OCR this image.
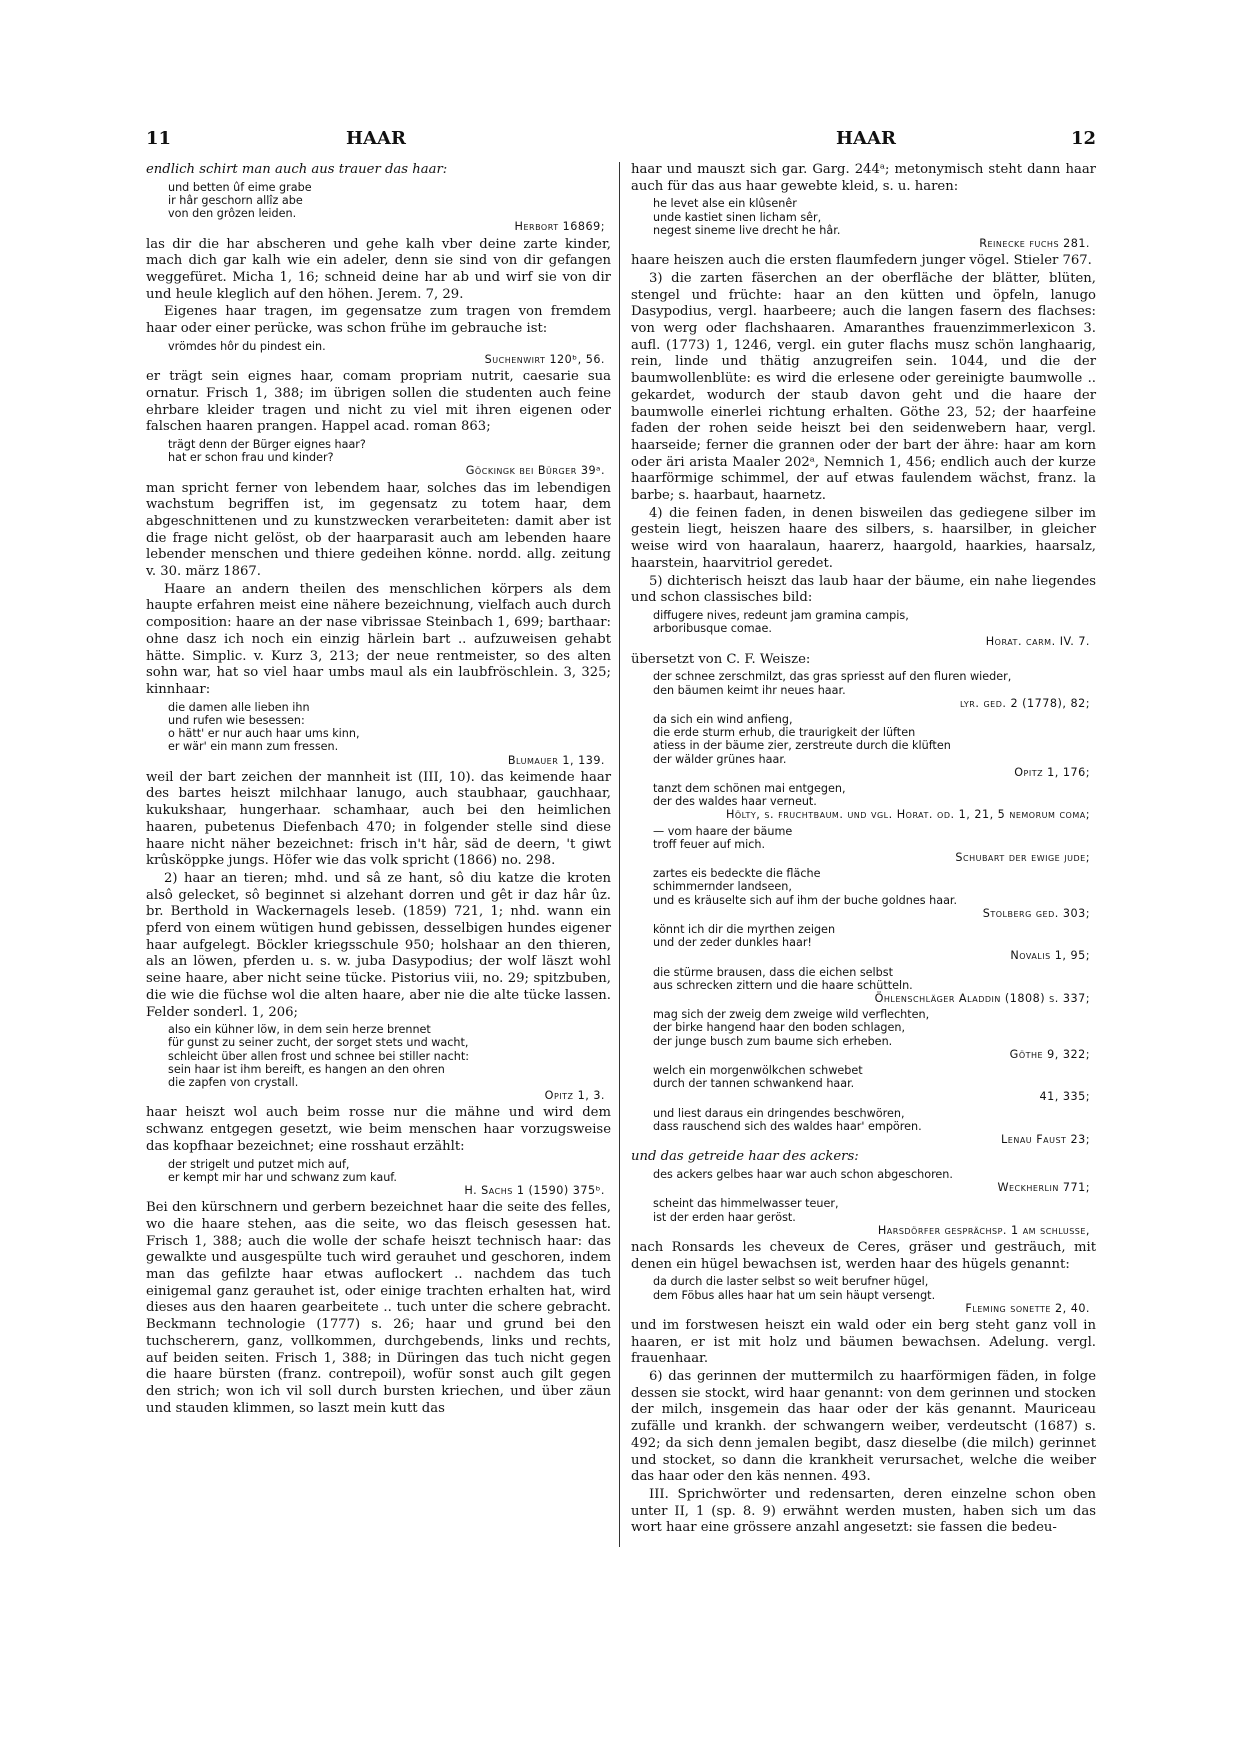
11	HAAR	HAAR	12

endlich schirt man auch aus trauer das haar:

und betten ûf eime grabe
ir hâr geschorn allîz abe
von den grôzen leiden.
Herbort 16869;

las dir die har abscheren und gehe kalh vber deine zarte kinder, mach dich gar kalh wie ein adeler, denn sie sind von dir gefangen weggefüret. Micha 1, 16; schneid deine har ab und wirf sie von dir und heule kleglich auf den höhen. Jerem. 7, 29.

Eigenes haar tragen, im gegensatze zum tragen von fremdem haar oder einer perücke, was schon frühe im gebrauche ist:

vrömdes hôr du pindest ein.
Suchenwirt 120ᵇ, 56.

er trägt sein eignes haar, comam propriam nutrit, caesarie sua ornatur. Frisch 1, 388; im übrigen sollen die studenten auch feine ehrbare kleider tragen und nicht zu viel mit ihren eigenen oder falschen haaren prangen. Happel acad. roman 863;

trägt denn der Bürger eignes haar?
hat er schon frau und kinder?
Göckingk bei Bürger 39ᵃ.

man spricht ferner von lebendem haar, solches das im lebendigen wachstum begriffen ist, im gegensatz zu totem haar, dem abgeschnittenen und zu kunstzwecken verarbeiteten: damit aber ist die frage nicht gelöst, ob der haarparasit auch am lebenden haare lebender menschen und thiere gedeihen könne. nordd. allg. zeitung v. 30. märz 1867.

Haare an andern theilen des menschlichen körpers als dem haupte erfahren meist eine nähere bezeichnung, vielfach auch durch composition: haare an der nase vibrissae Steinbach 1, 699; barthaar: ohne dasz ich noch ein einzig härlein bart .. aufzuweisen gehabt hätte. Simplic. v. Kurz 3, 213; der neue rentmeister, so des alten sohn war, hat so viel haar umbs maul als ein laubfröschlein. 3, 325; kinnhaar:

die damen alle lieben ihn
und rufen wie besessen:
o hätt' er nur auch haar ums kinn,
er wär' ein mann zum fressen.
Blumauer 1, 139.

weil der bart zeichen der mannheit ist (III, 10). das keimende haar des bartes heiszt milchhaar lanugo, auch staubhaar, gauchhaar, kukukshaar, hungerhaar. schamhaar, auch bei den heimlichen haaren, pubetenus Diefenbach 470; in folgender stelle sind diese haare nicht näher bezeichnet: frisch in't hâr, säd de deern, 't giwt krûsköppke jungs. Höfer wie das volk spricht (1866) no. 298.

2) haar an tieren; mhd. und sâ ze hant, sô diu katze die kroten alsô gelecket, sô beginnet si alzehant dorren und gêt ir daz hâr ûz. br. Berthold in Wackernagels leseb. (1859) 721, 1; nhd. wann ein pferd von einem wütigen hund gebissen, desselbigen hundes eigener haar aufgelegt. Böckler kriegsschule 950; holshaar an den thieren, als an löwen, pferden u. s. w. juba Dasypodius; der wolf läszt wohl seine haare, aber nicht seine tücke. Pistorius viii, no. 29; spitzbuben, die wie die füchse wol die alten haare, aber nie die alte tücke lassen. Felder sonderl. 1, 206;

also ein kühner löw, in dem sein herze brennet
für gunst zu seiner zucht, der sorget stets und wacht,
schleicht über allen frost und schnee bei stiller nacht:
sein haar ist ihm bereift, es hangen an den ohren
die zapfen von crystall.
Opitz 1, 3.

haar heiszt wol auch beim rosse nur die mähne und wird dem schwanz entgegen gesetzt, wie beim menschen haar vorzugsweise das kopfhaar bezeichnet; eine rosshaut erzählt:

der strigelt und putzet mich auf,
er kempt mir har und schwanz zum kauf.
H. Sachs 1 (1590) 375ᵇ.

Bei den kürschnern und gerbern bezeichnet haar die seite des felles, wo die haare stehen, aas die seite, wo das fleisch gesessen hat. Frisch 1, 388; auch die wolle der schafe heiszt technisch haar: das gewalkte und ausgespülte tuch wird gerauhet und geschoren, indem man das gefilzte haar etwas auflockert .. nachdem das tuch einigemal ganz gerauhet ist, oder einige trachten erhalten hat, wird dieses aus den haaren gearbeitete .. tuch unter die schere gebracht. Beckmann technologie (1777) s. 26; haar und grund bei den tuchscherern, ganz, vollkommen, durchgebends, links und rechts, auf beiden seiten. Frisch 1, 388; in Düringen das tuch nicht gegen die haare bürsten (franz. contrepoil), wofür sonst auch gilt gegen den strich; won ich vil soll durch bursten kriechen, und über zäun und stauden klimmen, so laszt mein kutt das

haar und mauszt sich gar. Garg. 244ᵃ; metonymisch steht dann haar auch für das aus haar gewebte kleid, s. u. haren:

he levet alse ein klûsenêr
unde kastiet sinen licham sêr,
negest sineme live drecht he hâr.
Reinecke fuchs 281.

haare heiszen auch die ersten flaumfedern junger vögel. Stieler 767.

3) die zarten fäserchen an der oberfläche der blätter, blüten, stengel und früchte: haar an den kütten und öpfeln, lanugo Dasypodius, vergl. haarbeere; auch die langen fasern des flachses: von werg oder flachshaaren. Amaranthes frauenzimmerlexicon 3. aufl. (1773) 1, 1246, vergl. ein guter flachs musz schön langhaarig, rein, linde und thätig anzugreifen sein. 1044, und die der baumwollenblüte: es wird die erlesene oder gereinigte baumwolle .. gekardet, wodurch der staub davon geht und die haare der baumwolle einerlei richtung erhalten. Göthe 23, 52; der haarfeine faden der rohen seide heiszt bei den seidenwebern haar, vergl. haarseide; ferner die grannen oder der bart der ähre: haar am korn oder äri arista Maaler 202ᵃ, Nemnich 1, 456; endlich auch der kurze haarförmige schimmel, der auf etwas faulendem wächst, franz. la barbe; s. haarbaut, haarnetz.

4) die feinen faden, in denen bisweilen das gediegene silber im gestein liegt, heiszen haare des silbers, s. haarsilber, in gleicher weise wird von haaralaun, haarerz, haargold, haarkies, haarsalz, haarstein, haarvitriol geredet.

5) dichterisch heiszt das laub haar der bäume, ein nahe liegendes und schon classisches bild:

diffugere nives, redeunt jam gramina campis,
arboribusque comae.
Horat. carm. IV. 7.

übersetzt von C. F. Weisze:

der schnee zerschmilzt, das gras spriesst auf den fluren wieder,
den bäumen keimt ihr neues haar.
lyr. ged. 2 (1778), 82;
da sich ein wind anfieng,
die erde sturm erhub, die traurigkeit der lüften
atiess in der bäume zier, zerstreute durch die klüften
der wälder grünes haar.
Opitz 1, 176;
tanzt dem schönen mai entgegen,
der des waldes haar verneut.
Hölty, s. fruchtbaum. und vgl. Horat. od. 1, 21, 5 nemorum coma;
— vom haare der bäume
troff feuer auf mich.
Schubart der ewige jude;
zartes eis bedeckte die fläche
schimmernder landseen,
und es kräuselte sich auf ihm der buche goldnes haar.
Stolberg ged. 303;
könnt ich dir die myrthen zeigen
und der zeder dunkles haar!
Novalis 1, 95;
die stürme brausen, dass die eichen selbst
aus schrecken zittern und die haare schütteln.
Öhlenschläger Aladdin (1808) s. 337;
mag sich der zweig dem zweige wild verflechten,
der birke hangend haar den boden schlagen,
der junge busch zum baume sich erheben.
Göthe 9, 322;
welch ein morgenwölkchen schwebet
durch der tannen schwankend haar.
41, 335;
und liest daraus ein dringendes beschwören,
dass rauschend sich des waldes haar' empören.
Lenau Faust 23;

und das getreide haar des ackers:

des ackers gelbes haar war auch schon abgeschoren.
Weckherlin 771;
scheint das himmelwasser teuer,
ist der erden haar geröst.
Harsdörfer gesprächsp. 1 am schlusse,

nach Ronsards les cheveux de Ceres, gräser und gesträuch, mit denen ein hügel bewachsen ist, werden haar des hügels genannt:

da durch die laster selbst so weit berufner hügel,
dem Föbus alles haar hat um sein häupt versengt.
Fleming sonette 2, 40.

und im forstwesen heiszt ein wald oder ein berg steht ganz voll in haaren, er ist mit holz und bäumen bewachsen. Adelung. vergl. frauenhaar.

6) das gerinnen der muttermilch zu haarförmigen fäden, in folge dessen sie stockt, wird haar genannt: von dem gerinnen und stocken der milch, insgemein das haar oder der käs genannt. Mauriceau zufälle und krankh. der schwangern weiber, verdeutscht (1687) s. 492; da sich denn jemalen begibt, dasz dieselbe (die milch) gerinnet und stocket, so dann die krankheit verursachet, welche die weiber das haar oder den käs nennen. 493.

III. Sprichwörter und redensarten, deren einzelne schon oben unter II, 1 (sp. 8. 9) erwähnt werden musten, haben sich um das wort haar eine grössere anzahl angesetzt: sie fassen die bedeu-
